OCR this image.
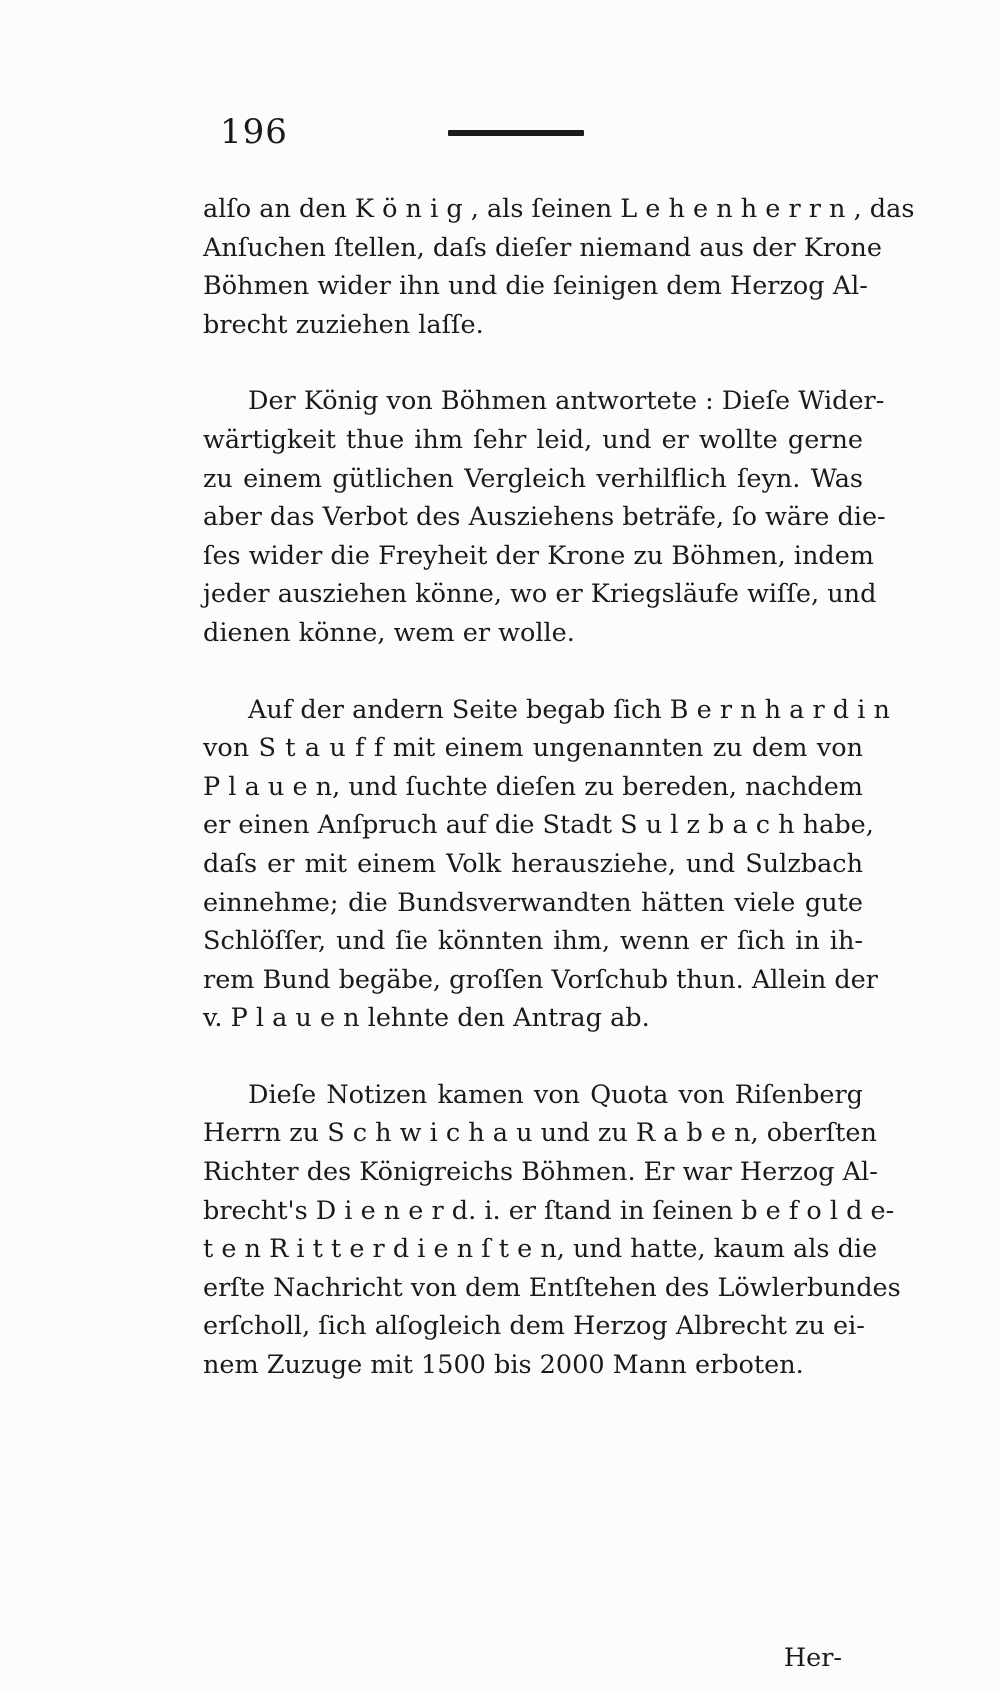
196
alſo an den K ö n i g , als ſeinen L e h e n h e r r n , das
Anſuchen ſtellen, daſs dieſer niemand aus der Krone
Böhmen wider ihn und die ſeinigen dem Herzog Al-
brecht zuziehen laſſe.
Der König von Böhmen antwortete : Dieſe Wider-
wärtigkeit thue ihm ſehr leid, und er wollte gerne
zu einem gütlichen Vergleich verhilflich ſeyn. Was
aber das Verbot des Ausziehens beträfe, ſo wäre die-
ſes wider die Freyheit der Krone zu Böhmen, indem
jeder ausziehen könne, wo er Kriegsläufe wiſſe, und
dienen könne, wem er wolle.
Auf der andern Seite begab ſich B e r n h a r d i n
von S t a u f f mit einem ungenannten zu dem von
P l a u e n, und ſuchte dieſen zu bereden, nachdem
er einen Anſpruch auf die Stadt S u l z b a c h habe,
daſs er mit einem Volk herausziehe, und Sulzbach
einnehme; die Bundsverwandten hätten viele gute
Schlöſſer, und ſie könnten ihm, wenn er ſich in ih-
rem Bund begäbe, groſſen Vorſchub thun. Allein der
v. P l a u e n lehnte den Antrag ab.
Dieſe Notizen kamen von Quota von Riſenberg
Herrn zu S c h w i c h a u und zu R a b e n, oberſten
Richter des Königreichs Böhmen. Er war Herzog Al-
brecht's D i e n e r d. i. er ſtand in ſeinen b e f o l d e-
t e n R i t t e r d i e n ſ t e n, und hatte, kaum als die
erſte Nachricht von dem Entſtehen des Löwlerbundes
erſcholl, ſich alſogleich dem Herzog Albrecht zu ei-
nem Zuzuge mit 1500 bis 2000 Mann erboten.
Her-
